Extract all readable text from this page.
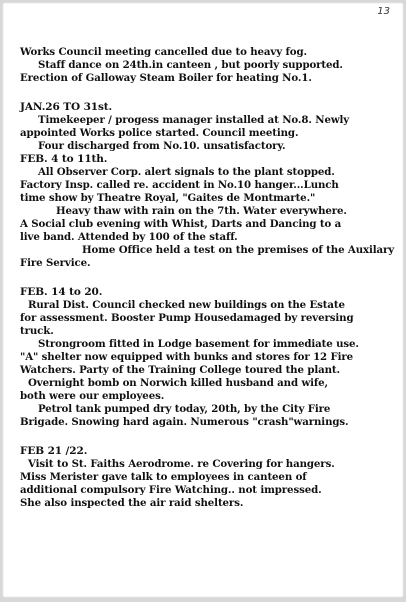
13
Works Council meeting cancelled due to heavy fog.
Staff dance on 24th.in canteen , but poorly supported.
Erection of Galloway Steam Boiler for heating No.1.
JAN.26 TO 31st.
Timekeeper / progess manager installed at No.8. Newly
appointed Works police started. Council meeting.
Four discharged from No.10. unsatisfactory.
FEB. 4 to 11th.
All Observer Corp. alert signals to the plant stopped.
Factory Insp. called re. accident in No.10 hanger...Lunch
time show by Theatre Royal, "Gaites de Montmarte."
Heavy thaw with rain on the 7th. Water everywhere.
A Social club evening with Whist, Darts and Dancing to a
live band. Attended by 100 of the staff.
Home Office held a test on the premises of the Auxilary
Fire Service.
FEB. 14 to 20.
Rural Dist. Council checked new buildings on the Estate
for assessment. Booster Pump Housedamaged by reversing
truck.
Strongroom fitted in Lodge basement for immediate use.
"A" shelter now equipped with bunks and stores for 12 Fire
Watchers. Party of the Training College toured the plant.
Overnight bomb on Norwich killed husband and wife,
both were our employees.
Petrol tank pumped dry today, 20th, by the City Fire
Brigade. Snowing hard again. Numerous "crash"warnings.
FEB 21 /22.
Visit to St. Faiths Aerodrome. re Covering for hangers.
Miss Merister gave talk to employees in canteen of
additional compulsory Fire Watching.. not impressed.
She also inspected the air raid shelters.
